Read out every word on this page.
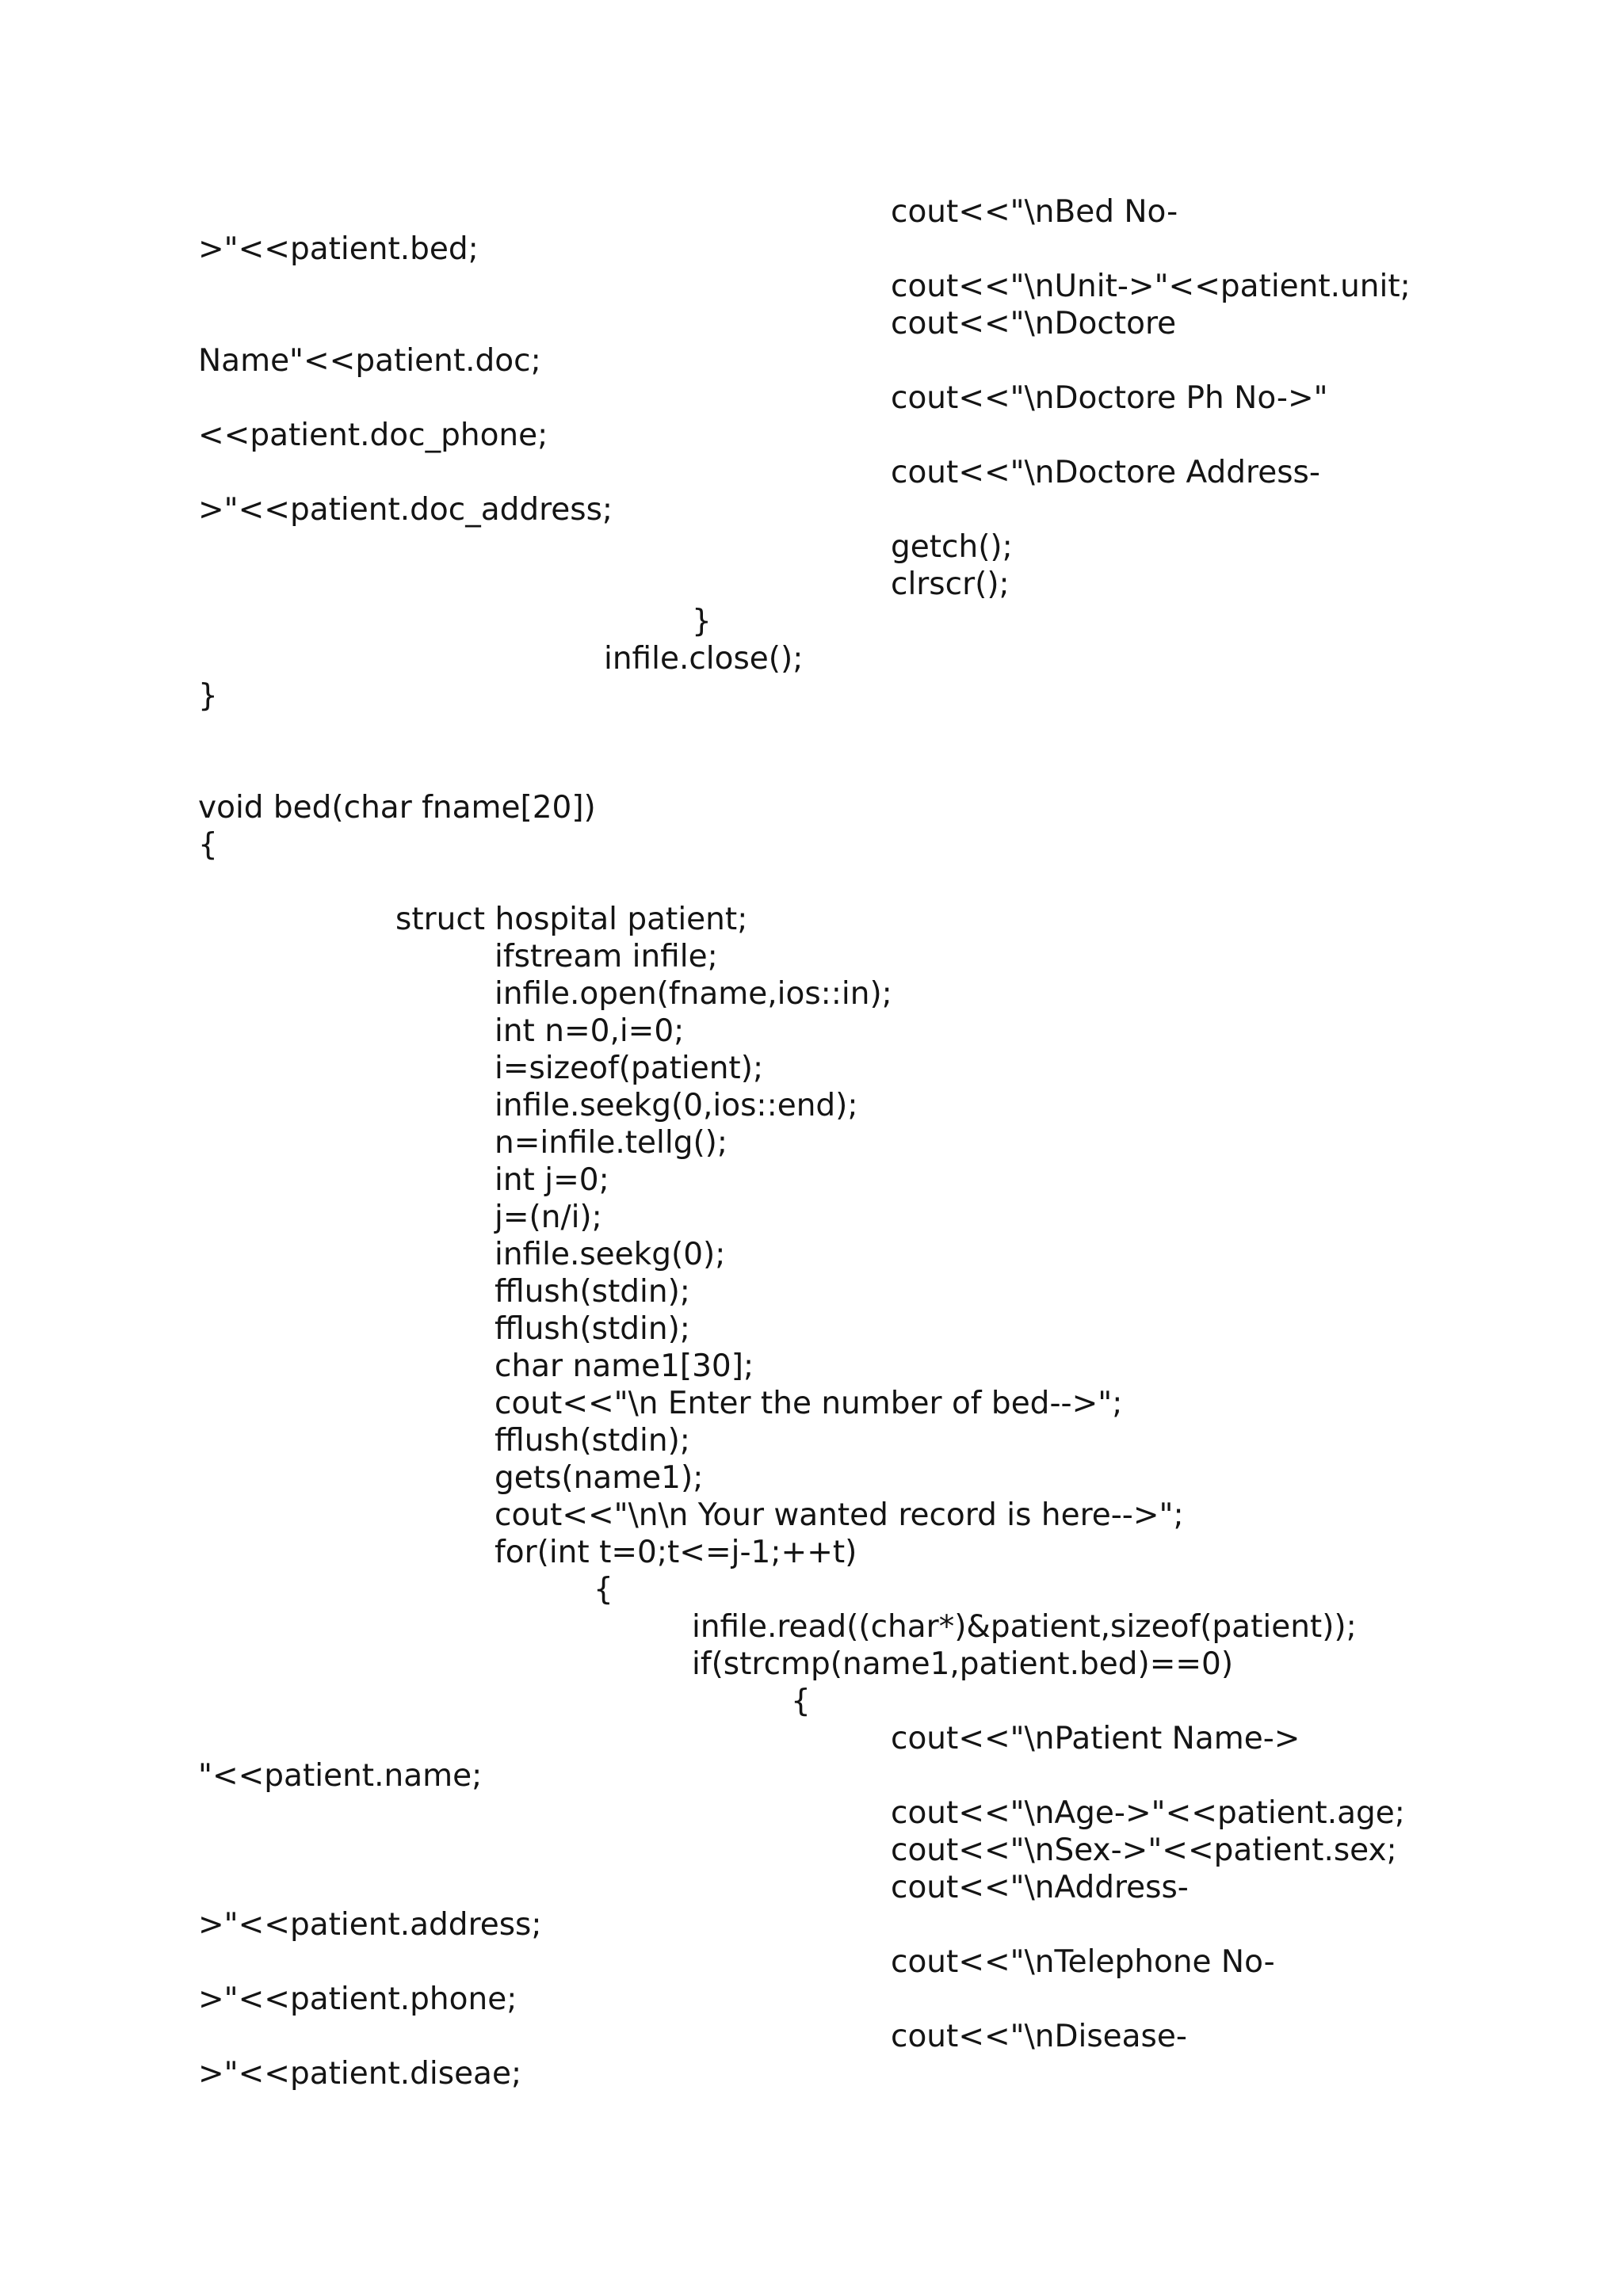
cout<<"\nBed No-
>"<<patient.bed;
cout<<"\nUnit->"<<patient.unit;
cout<<"\nDoctore
Name"<<patient.doc;
cout<<"\nDoctore Ph No->"
<<patient.doc_phone;
cout<<"\nDoctore Address-
>"<<patient.doc_address;
getch();
clrscr();
}
infile.close();
}
void bed(char fname[20])
{
struct hospital patient;
ifstream infile;
infile.open(fname,ios::in);
int n=0,i=0;
i=sizeof(patient);
infile.seekg(0,ios::end);
n=infile.tellg();
int j=0;
j=(n/i);
infile.seekg(0);
fflush(stdin);
fflush(stdin);
char name1[30];
cout<<"\n Enter the number of bed-->";
fflush(stdin);
gets(name1);
cout<<"\n\n Your wanted record is here-->";
for(int t=0;t<=j-1;++t)
{
infile.read((char*)&patient,sizeof(patient));
if(strcmp(name1,patient.bed)==0)
{
cout<<"\nPatient Name->
"<<patient.name;
cout<<"\nAge->"<<patient.age;
cout<<"\nSex->"<<patient.sex;
cout<<"\nAddress-
>"<<patient.address;
cout<<"\nTelephone No-
>"<<patient.phone;
cout<<"\nDisease-
>"<<patient.diseae;
